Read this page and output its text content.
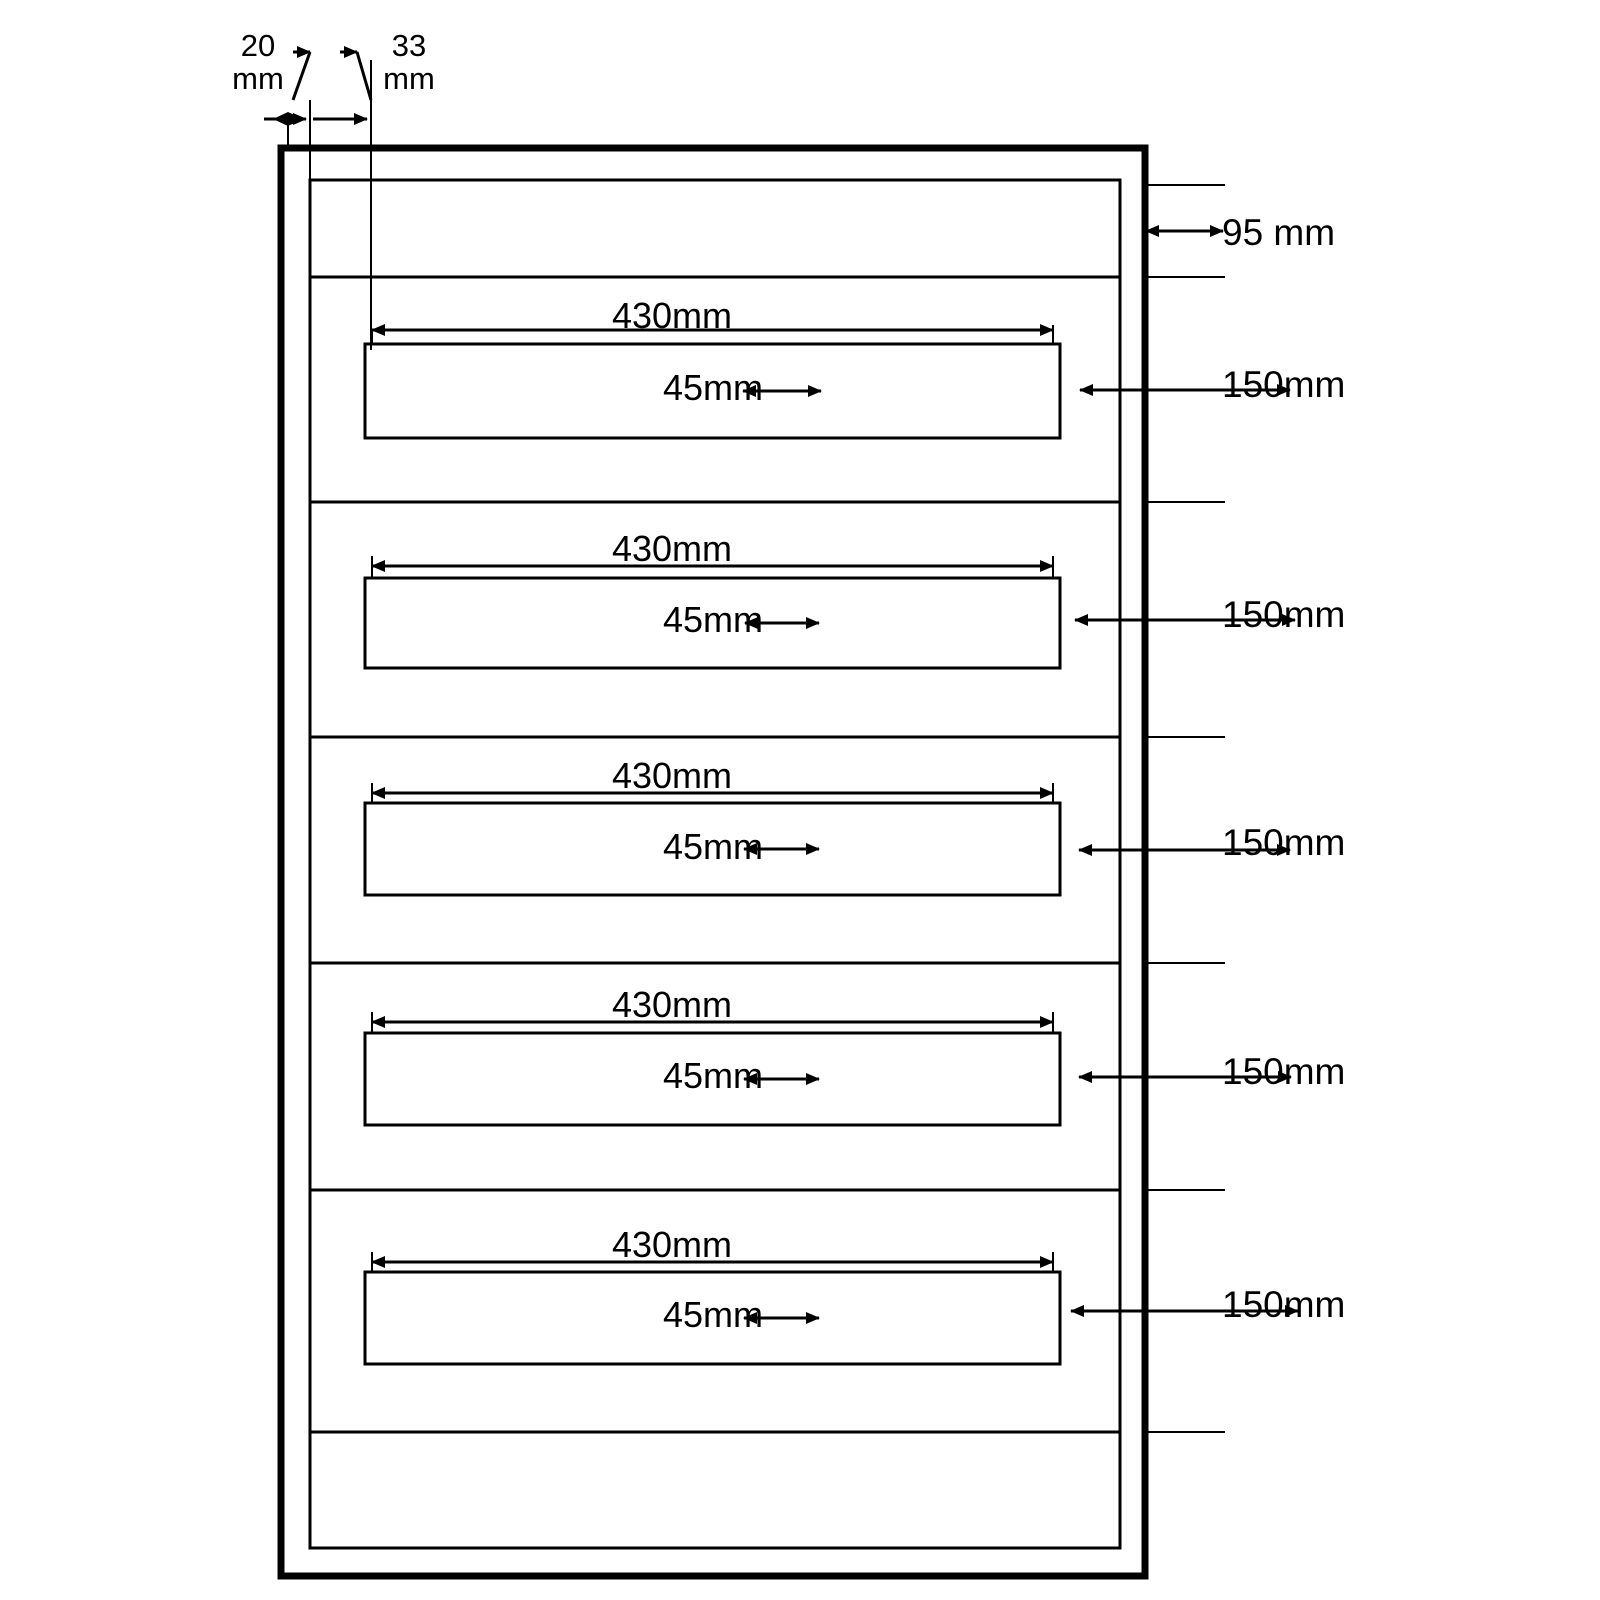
20
mm
33
mm
95 mm
150mm
150mm
150mm
150mm
150mm
430mm
45mm
430mm
45mm
430mm
45mm
430mm
45mm
430mm
45mm
